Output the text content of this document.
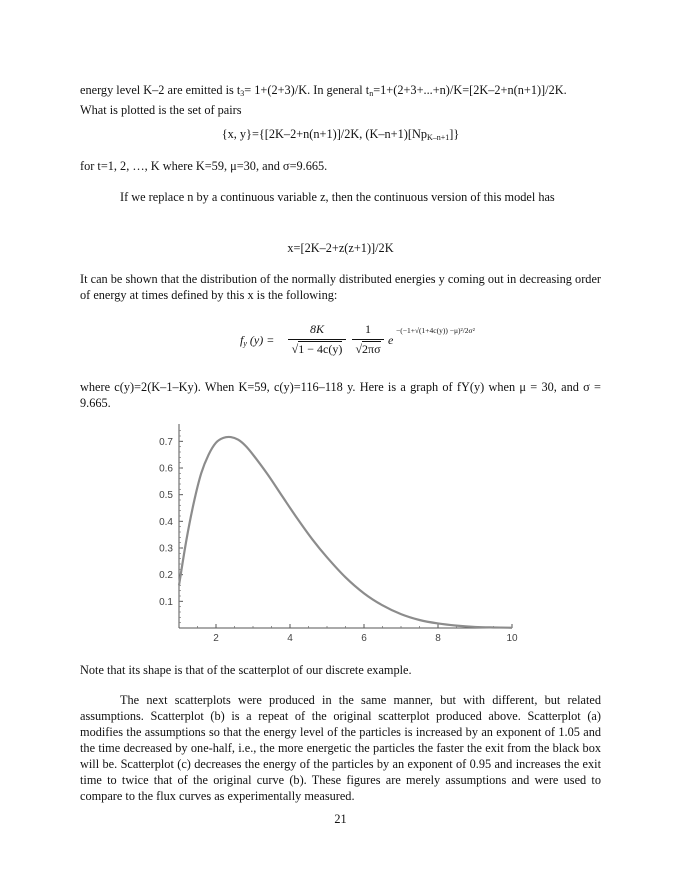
energy level K–2 are emitted is $t_3= 1+(2+3)/K$. In general $t_n=1+(2+3+...+n)/K=[2K-2+n(n+1)]/2K$.
What is plotted is the set of pairs
{x, y}={[2K–2+n(n+1)]/2K, $(K-n+1)[Np_{K-n+1}]$}
for t=1, 2, …, K where K=59, μ=30, and σ=9.665.
If we replace n by a continuous variable z, then the continuous version of this model has
x=[2K–2+z(z+1)]/2K
It can be shown that the distribution of the normally distributed energies y coming out in decreasing order of energy at times defined by this x is the following:
$f_y$ (y) =
8K
√1 − 4c(y)
1
√2πσ
e
−(−1+√(1+4c(y)) −μ)²/2σ²
where c(y)=2(K–1–Ky). When K=59, c(y)=116–118 y. Here is a graph of fY(y) when μ = 30, and σ = 9.665.
2	4	6	8	10
0.1
0.2
0.3
0.4
0.5
0.6
0.7
Note that its shape is that of the scatterplot of our discrete example.
The next scatterplots were produced in the same manner, but with different, but related assumptions. Scatterplot (b) is a repeat of the original scatterplot produced above. Scatterplot (a) modifies the assumptions so that the energy level of the particles is increased by an exponent of 1.05 and the time decreased by one-half, i.e., the more energetic the particles the faster the exit from the black box will be. Scatterplot (c) decreases the energy of the particles by an exponent of 0.95 and increases the exit time to twice that of the original curve (b). These figures are merely assumptions and were used to compare to the flux curves as experimentally measured.
21
